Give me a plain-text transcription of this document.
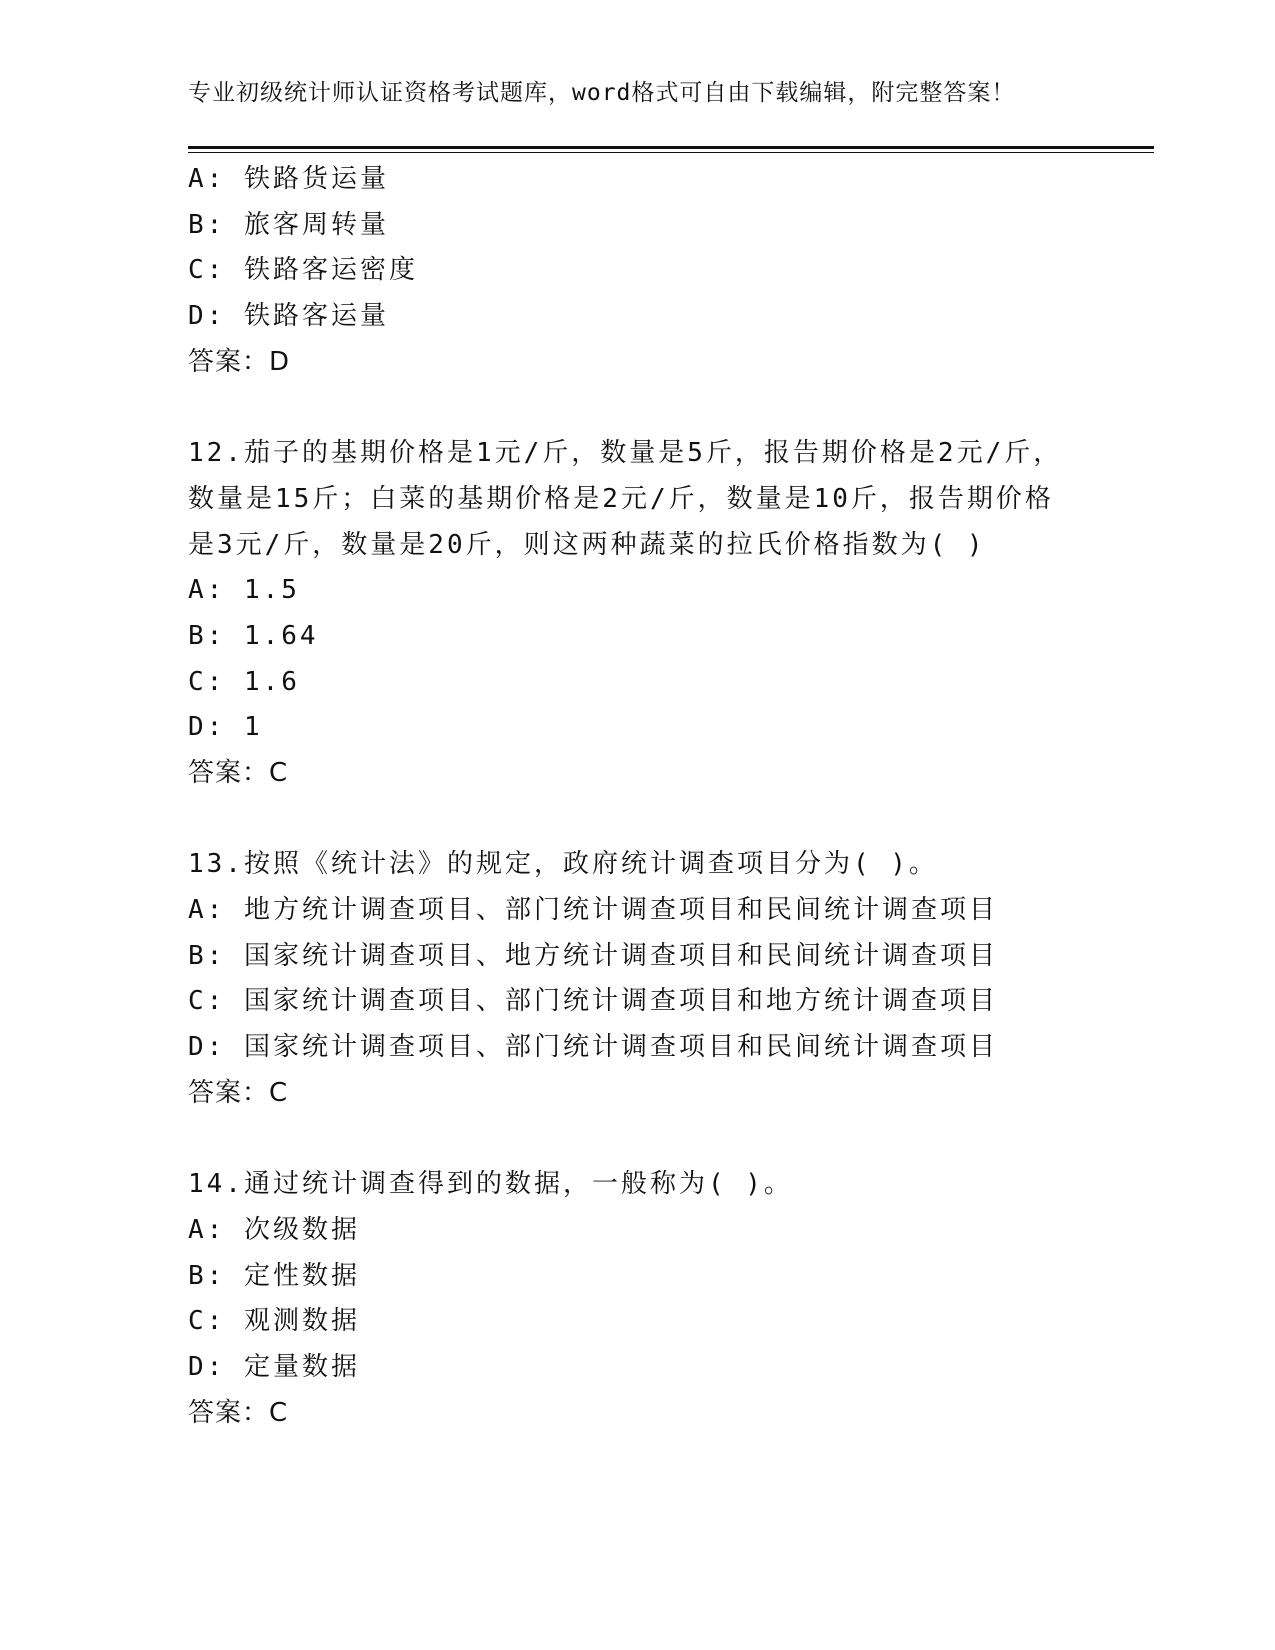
专业初级统计师认证资格考试题库，word格式可自由下载编辑，附完整答案！
A: 铁路货运量
B: 旅客周转量
C: 铁路客运密度
D: 铁路客运量
答案：D
12.茄子的基期价格是1元/斤，数量是5斤，报告期价格是2元/斤，
数量是15斤；白菜的基期价格是2元/斤，数量是10斤，报告期价格
是3元/斤，数量是20斤，则这两种蔬菜的拉氏价格指数为( )
A: 1.5
B: 1.64
C: 1.6
D: 1
答案：C
13.按照《统计法》的规定，政府统计调查项目分为( )。
A: 地方统计调查项目、部门统计调查项目和民间统计调查项目
B: 国家统计调查项目、地方统计调查项目和民间统计调查项目
C: 国家统计调查项目、部门统计调查项目和地方统计调查项目
D: 国家统计调查项目、部门统计调查项目和民间统计调查项目
答案：C
14.通过统计调查得到的数据，一般称为( )。
A: 次级数据
B: 定性数据
C: 观测数据
D: 定量数据
答案：C
